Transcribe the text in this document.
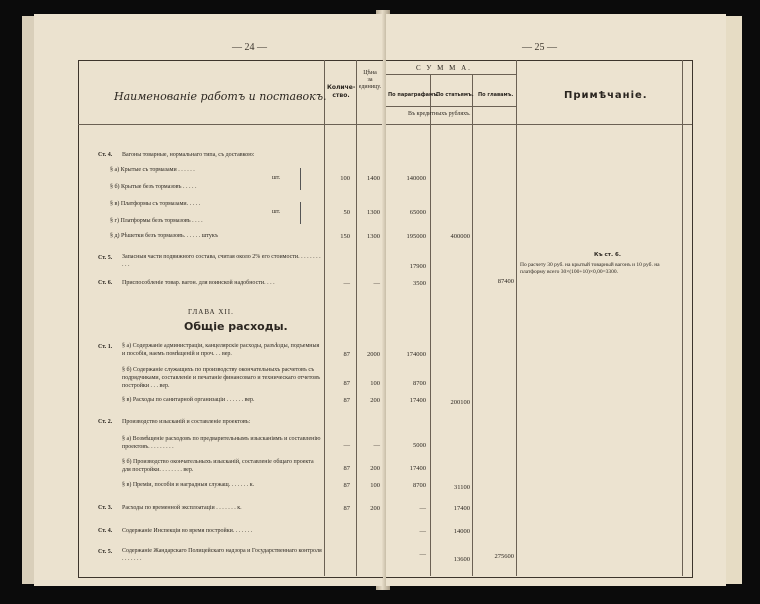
— 24 —
Наименованіе работъ и поставокъ.
Количе-
ство.
Цѣна
за
единицу.
Ст. 4. Вагоны товарные, нормальнаго типа, съ доставкою:
§ а) Крытые съ тормазами . . . . . .
§ б) Крытые безъ тормазовъ . . . . .
§ в) Платформы съ тормазами. . . . .
§ г) Платформы безъ тормазовъ . . . .
§ д) Рѣшетки безъ тормазовъ. . . . . . штукъ
шт.
шт.
Ст. 5. Запасныя части подвижного состава, считая около 2% его стоимости. . . . . . . . . . .
Ст. 6. Приспособленіе товар. вагон. для воинской надобности. . . .
ГЛАВА XII.
Общіе расходы.
Ст. 1. § а) Содержаніе администраціи, канцелярскіе расходы, разъѣзды, подъемныя и пособія, наемъ помѣщеній и проч. . . вер.
§ б) Содержаніе служащихъ по производству окончательныхъ расчетовъ съ подрядчиками, составленіе и печатаніе финансоваго и техническаго отчетовъ постройки . . . вер.
§ в) Расходы по санитарной организаціи . . . . . . вер.
Ст. 2. Производство изысканій и составленіе проектовъ:
§ а) Возмѣщеніе расходовъ по предварительнымъ изысканіямъ и составленію проектовъ. . . . . . . . .
§ б) Производство окончательныхъ изысканій, составленіе общаго проекта для постройки. . . . . . . . вер.
§ в) Преміи, пособія и наградныя служащ. . . . . . . к.
Ст. 3. Расходы по временной эксплоатаціи . . . . . . . к.
Ст. 4. Содержаніе Инспекціи во время постройки. . . . . . .
Ст. 5. Содержаніе Жандарскаго Полицейскаго надзора и Государственнаго контроля . . . . . . .
100
50
150
87
87
87
87
87
87
1400
1300
1300
2000
100
200
200
100
200
—	—
—	—
— 25 —
С У М М А.
По параграфамъ.
По статьямъ. По главамъ.
Въ кредитныхъ рубляхъ.
Примѣчаніе.
140000
65000
195000
17900
3500
174000
8700
17400
5000
17400
8700
—
—
—
400000
200100
31100
17400
14000
13600
87400
275600
Къ ст. 6.
По расчету 30 руб. на крытый товарный вагонъ и 10 руб. на платформу всего 30×(100+10)×0,00=3300.
